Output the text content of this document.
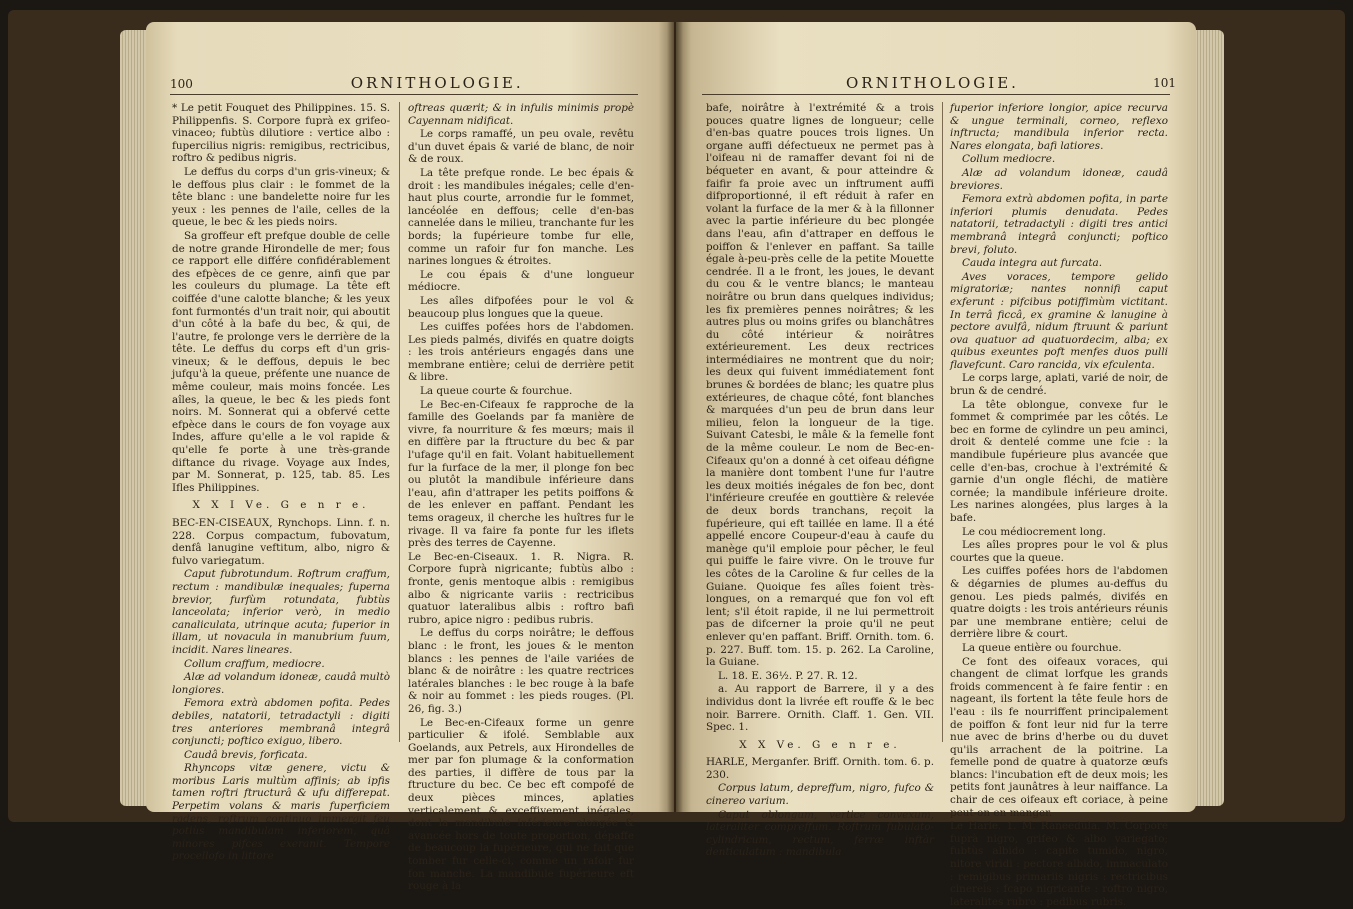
100	ORNITHOLOGIE.

* Le petit Fouquet des Philippines. 15. S. Philippenfis. S. Corpore fuprà ex grifeo-vinaceo; fubtùs dilutiore : vertice albo : fupercilius nigris: remigibus, rectricibus, roftro & pedibus nigris.

Le deffus du corps d'un gris-vineux; & le deffous plus clair : le fommet de la tête blanc : une bandelette noire fur les yeux : les pennes de l'aile, celles de la queue, le bec & les pieds noirs.

Sa groffeur eft prefque double de celle de notre grande Hirondelle de mer; fous ce rapport elle différe confidérablement des efpèces de ce genre, ainfi que par les couleurs du plumage. La tête eft coiffée d'une calotte blanche; & les yeux font furmontés d'un trait noir, qui aboutit d'un côté à la bafe du bec, & qui, de l'autre, fe prolonge vers le derrière de la tête. Le deffus du corps eft d'un gris-vineux; & le deffous, depuis le bec jufqu'à la queue, préfente une nuance de même couleur, mais moins foncée. Les aîles, la queue, le bec & les pieds font noirs. M. Sonnerat qui a obfervé cette efpèce dans le cours de fon voyage aux Indes, affure qu'elle a le vol rapide & qu'elle fe porte à une très-grande diftance du rivage. Voyage aux Indes, par M. Sonnerat, p. 125, tab. 85. Les Ifles Philippines.

X X I Ve. G e n r e.

BEC-EN-CISEAUX, Rynchops. Linn. f. n. 228. Corpus compactum, fubovatum, denfâ lanugine veftitum, albo, nigro & fulvo variegatum.

Caput fubrotundum. Roftrum craffum, rectum : mandibulæ inequales; fuperna brevior, furfùm rotundata, fubtùs lanceolata; inferior verò, in medio canaliculata, utrinque acuta; fuperior in illam, ut novacula in manubrium fuum, incidit. Nares lineares.

Collum craffum, mediocre.

Alæ ad volandum idoneæ, caudâ multò longiores.

Femora extrà abdomen pofita. Pedes debiles, natatorii, tetradactyli : digiti tres anteriores membranâ integrâ conjuncti; poftico exiguo, libero.

Caudâ brevis, forficata.

Rhyncops vitæ genere, victu & moribus Laris multùm affinis; ab ipfis tamen roftri ftructurâ & ufu differepat. Perpetim volans & maris fuperficiem radens, roftrum continuo immergit feu potiùs mandibulam inferiorem, quâ minores pifces exeranit. Tempore procellofo in littore

oftreas quærit; & in infulis minimis propè Cayennam nidificat.

Le corps ramaffé, un peu ovale, revêtu d'un duvet épais & varié de blanc, de noir & de roux.

La tête prefque ronde. Le bec épais & droit : les mandibules inégales; celle d'en-haut plus courte, arrondie fur le fommet, lancéolée en deffous; celle d'en-bas cannelée dans le milieu, tranchante fur les bords; la fupérieure tombe fur elle, comme un rafoir fur fon manche. Les narines longues & étroites.

Le cou épais & d'une longueur médiocre.

Les aîles difpofées pour le vol & beaucoup plus longues que la queue.

Les cuiffes pofées hors de l'abdomen. Les pieds palmés, divifés en quatre doigts : les trois antérieurs engagés dans une membrane entière; celui de derrière petit & libre.

La queue courte & fourchue.

Le Bec-en-Cifeaux fe rapproche de la famille des Goelands par fa manière de vivre, fa nourriture & fes mœurs; mais il en diffère par la ftructure du bec & par l'ufage qu'il en fait. Volant habituellement fur la furface de la mer, il plonge fon bec ou plutôt la mandibule inférieure dans l'eau, afin d'attraper les petits poiffons & de les enlever en paffant. Pendant les tems orageux, il cherche les huîtres fur le rivage. Il va faire fa ponte fur les iflets près des terres de Cayenne.

Le Bec-en-Ciseaux. 1. R. Nigra. R. Corpore fuprà nigricante; fubtùs albo : fronte, genis mentoque albis : remigibus albo & nigricante variis : rectricibus quatuor lateralibus albis : roftro bafi rubro, apice nigro : pedibus rubris.

Le deffus du corps noirâtre; le deffous blanc : le front, les joues & le menton blancs : les pennes de l'aile variées de blanc & de noirâtre : les quatre rectrices latérales blanches : le bec rouge à la bafe & noir au fommet : les pieds rouges. (Pl. 26, fig. 3.)

Le Bec-en-Cifeaux forme un genre particulier & ifolé. Semblable aux Goelands, aux Petrels, aux Hirondelles de mer par fon plumage & la conformation des parties, il diffère de tous par la ftructure du bec. Ce bec eft compofé de deux pièces minces, aplaties verticalement & exceffivement inégales, dont la mandibule inférieure alongée & avancée hors de toute proportion, dépaffe de beaucoup la fupérieure, qui ne fait que tomber fur celle-ci, comme un rafoir fur fon manche. La mandibule fupérieure eft rouge à la

ORNITHOLOGIE.	101

bafe, noirâtre à l'extrémité & a trois pouces quatre lignes de longueur; celle d'en-bas quatre pouces trois lignes. Un organe auffi défectueux ne permet pas à l'oifeau ni de ramaffer devant foi ni de béqueter en avant, & pour atteindre & faifir fa proie avec un inftrument auffi difproportionné, il eft réduit à rafer en volant la furface de la mer & à la fillonner avec la partie inférieure du bec plongée dans l'eau, afin d'attraper en deffous le poiffon & l'enlever en paffant. Sa taille égale à-peu-près celle de la petite Mouette cendrée. Il a le front, les joues, le devant du cou & le ventre blancs; le manteau noirâtre ou brun dans quelques individus; les fix premières pennes noirâtres; & les autres plus ou moins grifes ou blanchâtres du côté intérieur & noirâtres extérieurement. Les deux rectrices intermédiaires ne montrent que du noir; les deux qui fuivent immédiatement font brunes & bordées de blanc; les quatre plus extérieures, de chaque côté, font blanches & marquées d'un peu de brun dans leur milieu, felon la longueur de la tige. Suivant Catesbi, le mâle & la femelle font de la même couleur. Le nom de Bec-en-Cifeaux qu'on a donné à cet oifeau défigne la manière dont tombent l'une fur l'autre les deux moitiés inégales de fon bec, dont l'inférieure creufée en gouttière & relevée de deux bords tranchans, reçoit la fupérieure, qui eft taillée en lame. Il a été appellé encore Coupeur-d'eau à caufe du manège qu'il emploie pour pêcher, le feul qui puiffe le faire vivre. On le trouve fur les côtes de la Caroline & fur celles de la Guiane. Quoique fes aîles foient très-longues, on a remarqué que fon vol eft lent; s'il étoit rapide, il ne lui permettroit pas de difcerner la proie qu'il ne peut enlever qu'en paffant. Briff. Ornith. tom. 6. p. 227. Buff. tom. 15. p. 262. La Caroline, la Guiane.

L. 18. E. 36½. P. 27. R. 12.

a. Au rapport de Barrere, il y a des individus dont la livrée eft rouffe & le bec noir. Barrere. Ornith. Claff. 1. Gen. VII. Spec. 1.

X X Ve. G e n r e.

HARLE, Merganfer. Briff. Ornith. tom. 6. p. 230.

Corpus latum, depreffum, nigro, fufco & cinereo varium.

Caput oblongum, vertice convexum, lateraliter compreffum. Roftrum fubulato-cylindricum, rectum, ferræ inftàr denticulatum : mandibula

fuperior inferiore longior, apice recurva & ungue terminali, corneo, reflexo inftructa; mandibula inferior recta. Nares elongata, bafi latiores.

Collum mediocre.

Alæ ad volandum idoneæ, caudâ breviores.

Femora extrà abdomen pofita, in parte inferiori plumis denudata. Pedes natatorii, tetradactyli : digiti tres antici membranâ integrâ conjuncti; poftico brevi, foluto.

Cauda integra aut furcata.

Aves voraces, tempore gelido migratoriæ; nantes nonnifi caput exferunt : pifcibus potiffimùm victitant. In terrâ ficcâ, ex gramine & lanugine à pectore avulfâ, nidum ftruunt & pariunt ova quatuor ad quatuordecim, alba; ex quibus exeuntes poft menfes duos pulli flavefcunt. Caro rancida, vix efculenta.

Le corps large, aplati, varié de noir, de brun & de cendré.

La tête oblongue, convexe fur le fommet & comprimée par les côtés. Le bec en forme de cylindre un peu aminci, droit & dentelé comme une fcie : la mandibule fupérieure plus avancée que celle d'en-bas, crochue à l'extrémité & garnie d'un ongle fléchi, de matière cornée; la mandibule inférieure droite. Les narines alongées, plus larges à la bafe.

Le cou médiocrement long.

Les aîles propres pour le vol & plus courtes que la queue.

Les cuiffes pofées hors de l'abdomen & dégarnies de plumes au-deffus du genou. Les pieds palmés, divifés en quatre doigts : les trois antérieurs réunis par une membrane entière; celui de derrière libre & court.

La queue entière ou fourchue.

Ce font des oifeaux voraces, qui changent de climat lorfque les grands froids commencent à fe faire fentir : en nageant, ils fortent la tête feule hors de l'eau : ils fe nourriffent principalement de poiffon & font leur nid fur la terre nue avec de brins d'herbe ou du duvet qu'ils arrachent de la poitrine. La femelle pond de quatre à quatorze œufs blancs: l'incubation eft de deux mois; les petits font jaunâtres à leur naiffance. La chair de ces oifeaux eft coriace, à peine peut-on en manger.

Le Harle. 1. M. Raneedula. M. Corpore fuprà nigro, grifeo & albo variegato; fubtùs albido : capite tumido, nigro, nitore viridi : pectore albido, immaculato : remigibus primariis nigris : rectricibus cinereis : fcapo nigricante : roftro nigro, lateralites rubro : pedibus rubris.
